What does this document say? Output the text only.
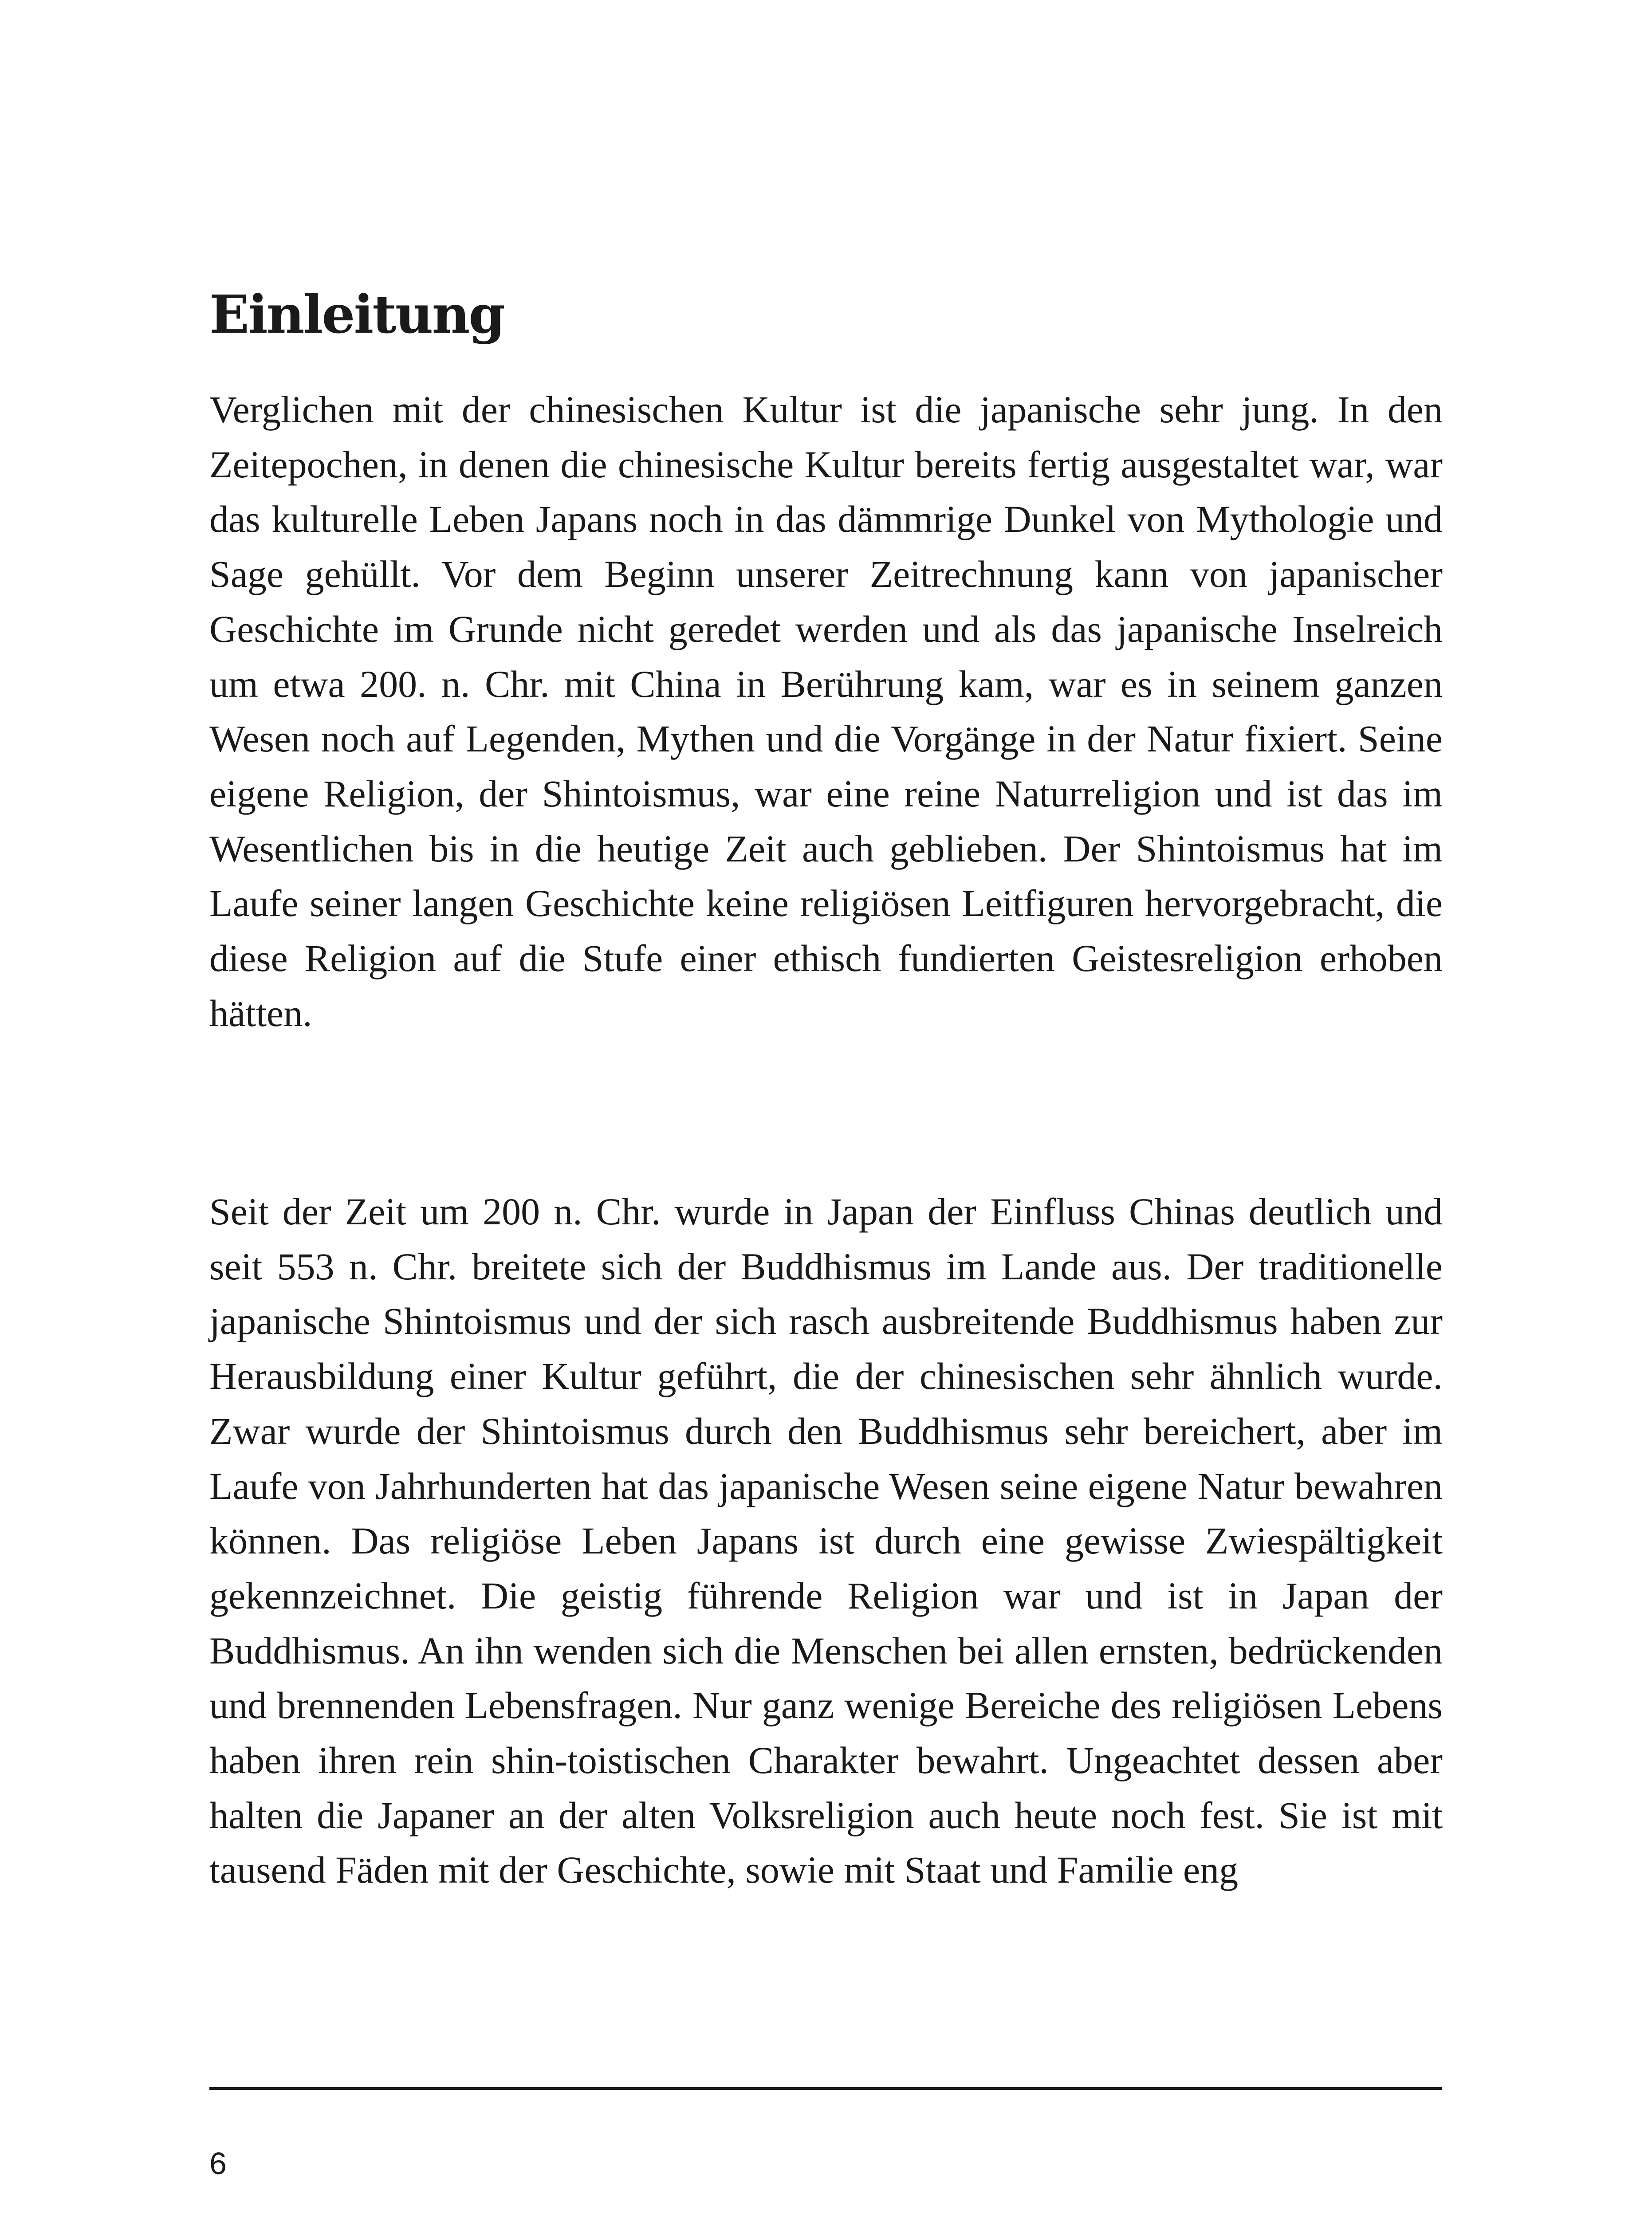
Einleitung

Verglichen mit der chinesischen Kultur ist die japanische sehr jung. In den Zeitepochen, in denen die chinesische Kultur bereits fertig ausgestaltet war, war das kulturelle Leben Japans noch in das dämmrige Dunkel von Mythologie und Sage gehüllt. Vor dem Beginn unserer Zeitrechnung kann von japanischer Geschichte im Grunde nicht geredet werden und als das japanische Inselreich um etwa 200. n. Chr. mit China in Berührung kam, war es in seinem ganzen Wesen noch auf Legenden, Mythen und die Vorgänge in der Natur fixiert. Seine eigene Religion, der Shintoismus, war eine reine Naturreligion und ist das im Wesentlichen bis in die heutige Zeit auch geblieben. Der Shintoismus hat im Laufe seiner langen Geschichte keine religiösen Leitfiguren hervorgebracht, die diese Religion auf die Stufe einer ethisch fundierten Geistesreligion erhoben hätten.

Seit der Zeit um 200 n. Chr. wurde in Japan der Einfluss Chinas deutlich und seit 553 n. Chr. breitete sich der Buddhismus im Lande aus. Der traditionelle japanische Shintoismus und der sich rasch ausbreitende Buddhismus haben zur Herausbildung einer Kultur geführt, die der chinesischen sehr ähnlich wurde. Zwar wurde der Shintoismus durch den Buddhismus sehr bereichert, aber im Laufe von Jahrhunderten hat das japanische Wesen seine eigene Natur bewahren können. Das religiöse Leben Japans ist durch eine gewisse Zwiespältigkeit gekennzeichnet. Die geistig führende Religion war und ist in Japan der Buddhismus. An ihn wenden sich die Menschen bei allen ernsten, bedrückenden und brennenden Lebensfragen. Nur ganz wenige Bereiche des religiösen Lebens haben ihren rein shin-toistischen Charakter bewahrt. Ungeachtet dessen aber halten die Japaner an der alten Volksreligion auch heute noch fest. Sie ist mit tausend Fäden mit der Geschichte, sowie mit Staat und Familie eng

6
